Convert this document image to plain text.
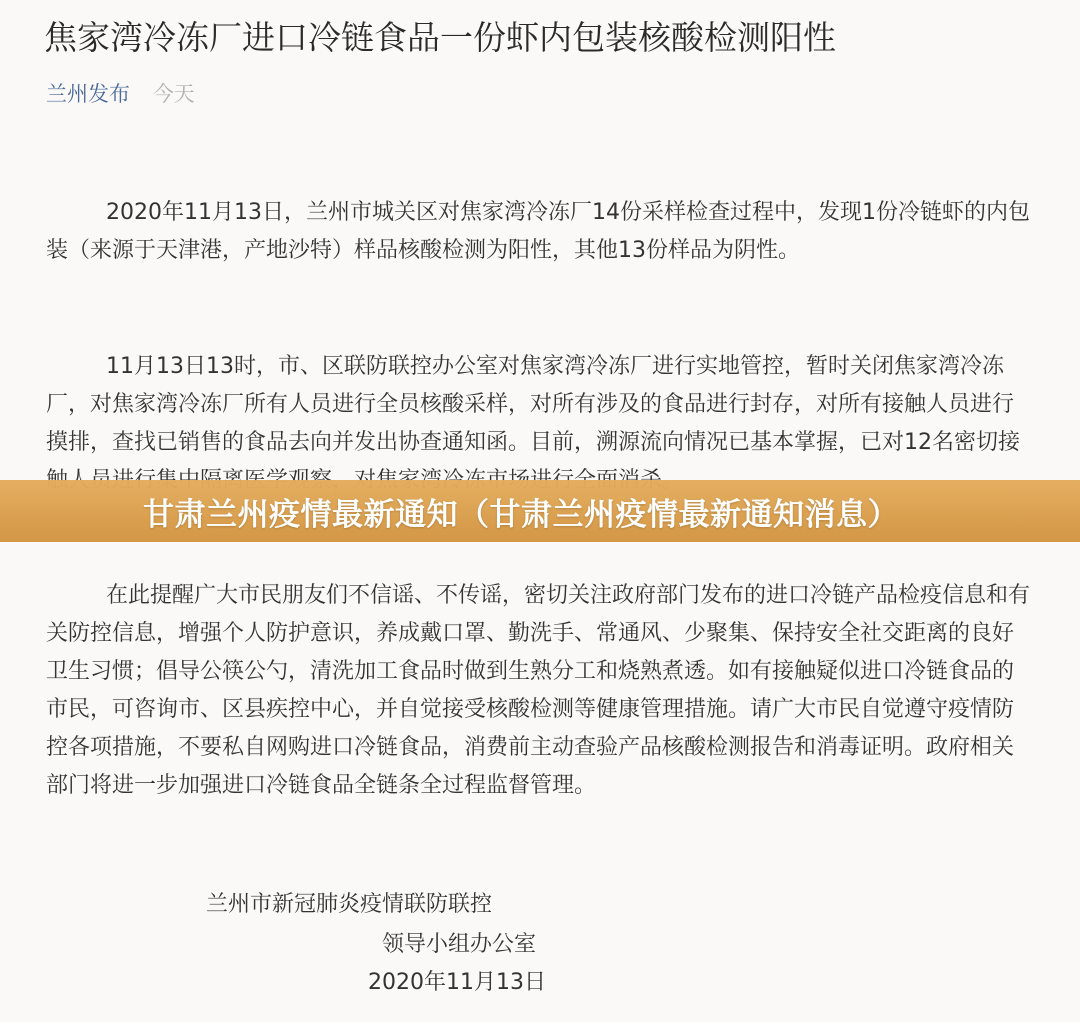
焦家湾冷冻厂进口冷链食品一份虾内包装核酸检测阳性
兰州发布 今天

2020年11月13日，兰州市城关区对焦家湾冷冻厂14份采样检查过程中，发现1份冷链虾的内包装（来源于天津港，产地沙特）样品核酸检测为阳性，其他13份样品为阴性。

11月13日13时，市、区联防联控办公室对焦家湾冷冻厂进行实地管控，暂时关闭焦家湾冷冻厂，对焦家湾冷冻厂所有人员进行全员核酸采样，对所有涉及的食品进行封存，对所有接触人员进行摸排，查找已销售的食品去向并发出协查通知函。目前，溯源流向情况已基本掌握，已对12名密切接

在此提醒广大市民朋友们不信谣、不传谣，密切关注政府部门发布的进口冷链产品检疫信息和有关防控信息，增强个人防护意识，养成戴口罩、勤洗手、常通风、少聚集、保持安全社交距离的良好卫生习惯；倡导公筷公勺，清洗加工食品时做到生熟分工和烧熟煮透。如有接触疑似进口冷链食品的市民，可咨询市、区县疾控中心，并自觉接受核酸检测等健康管理措施。请广大市民自觉遵守疫情防控各项措施，不要私自网购进口冷链食品，消费前主动查验产品核酸检测报告和消毒证明。政府相关部门将进一步加强进口冷链食品全链条全过程监督管理。

兰州市新冠肺炎疫情联防联控
领导小组办公室
2020年11月13日
甘肃兰州疫情最新通知（甘肃兰州疫情最新通知消息）
